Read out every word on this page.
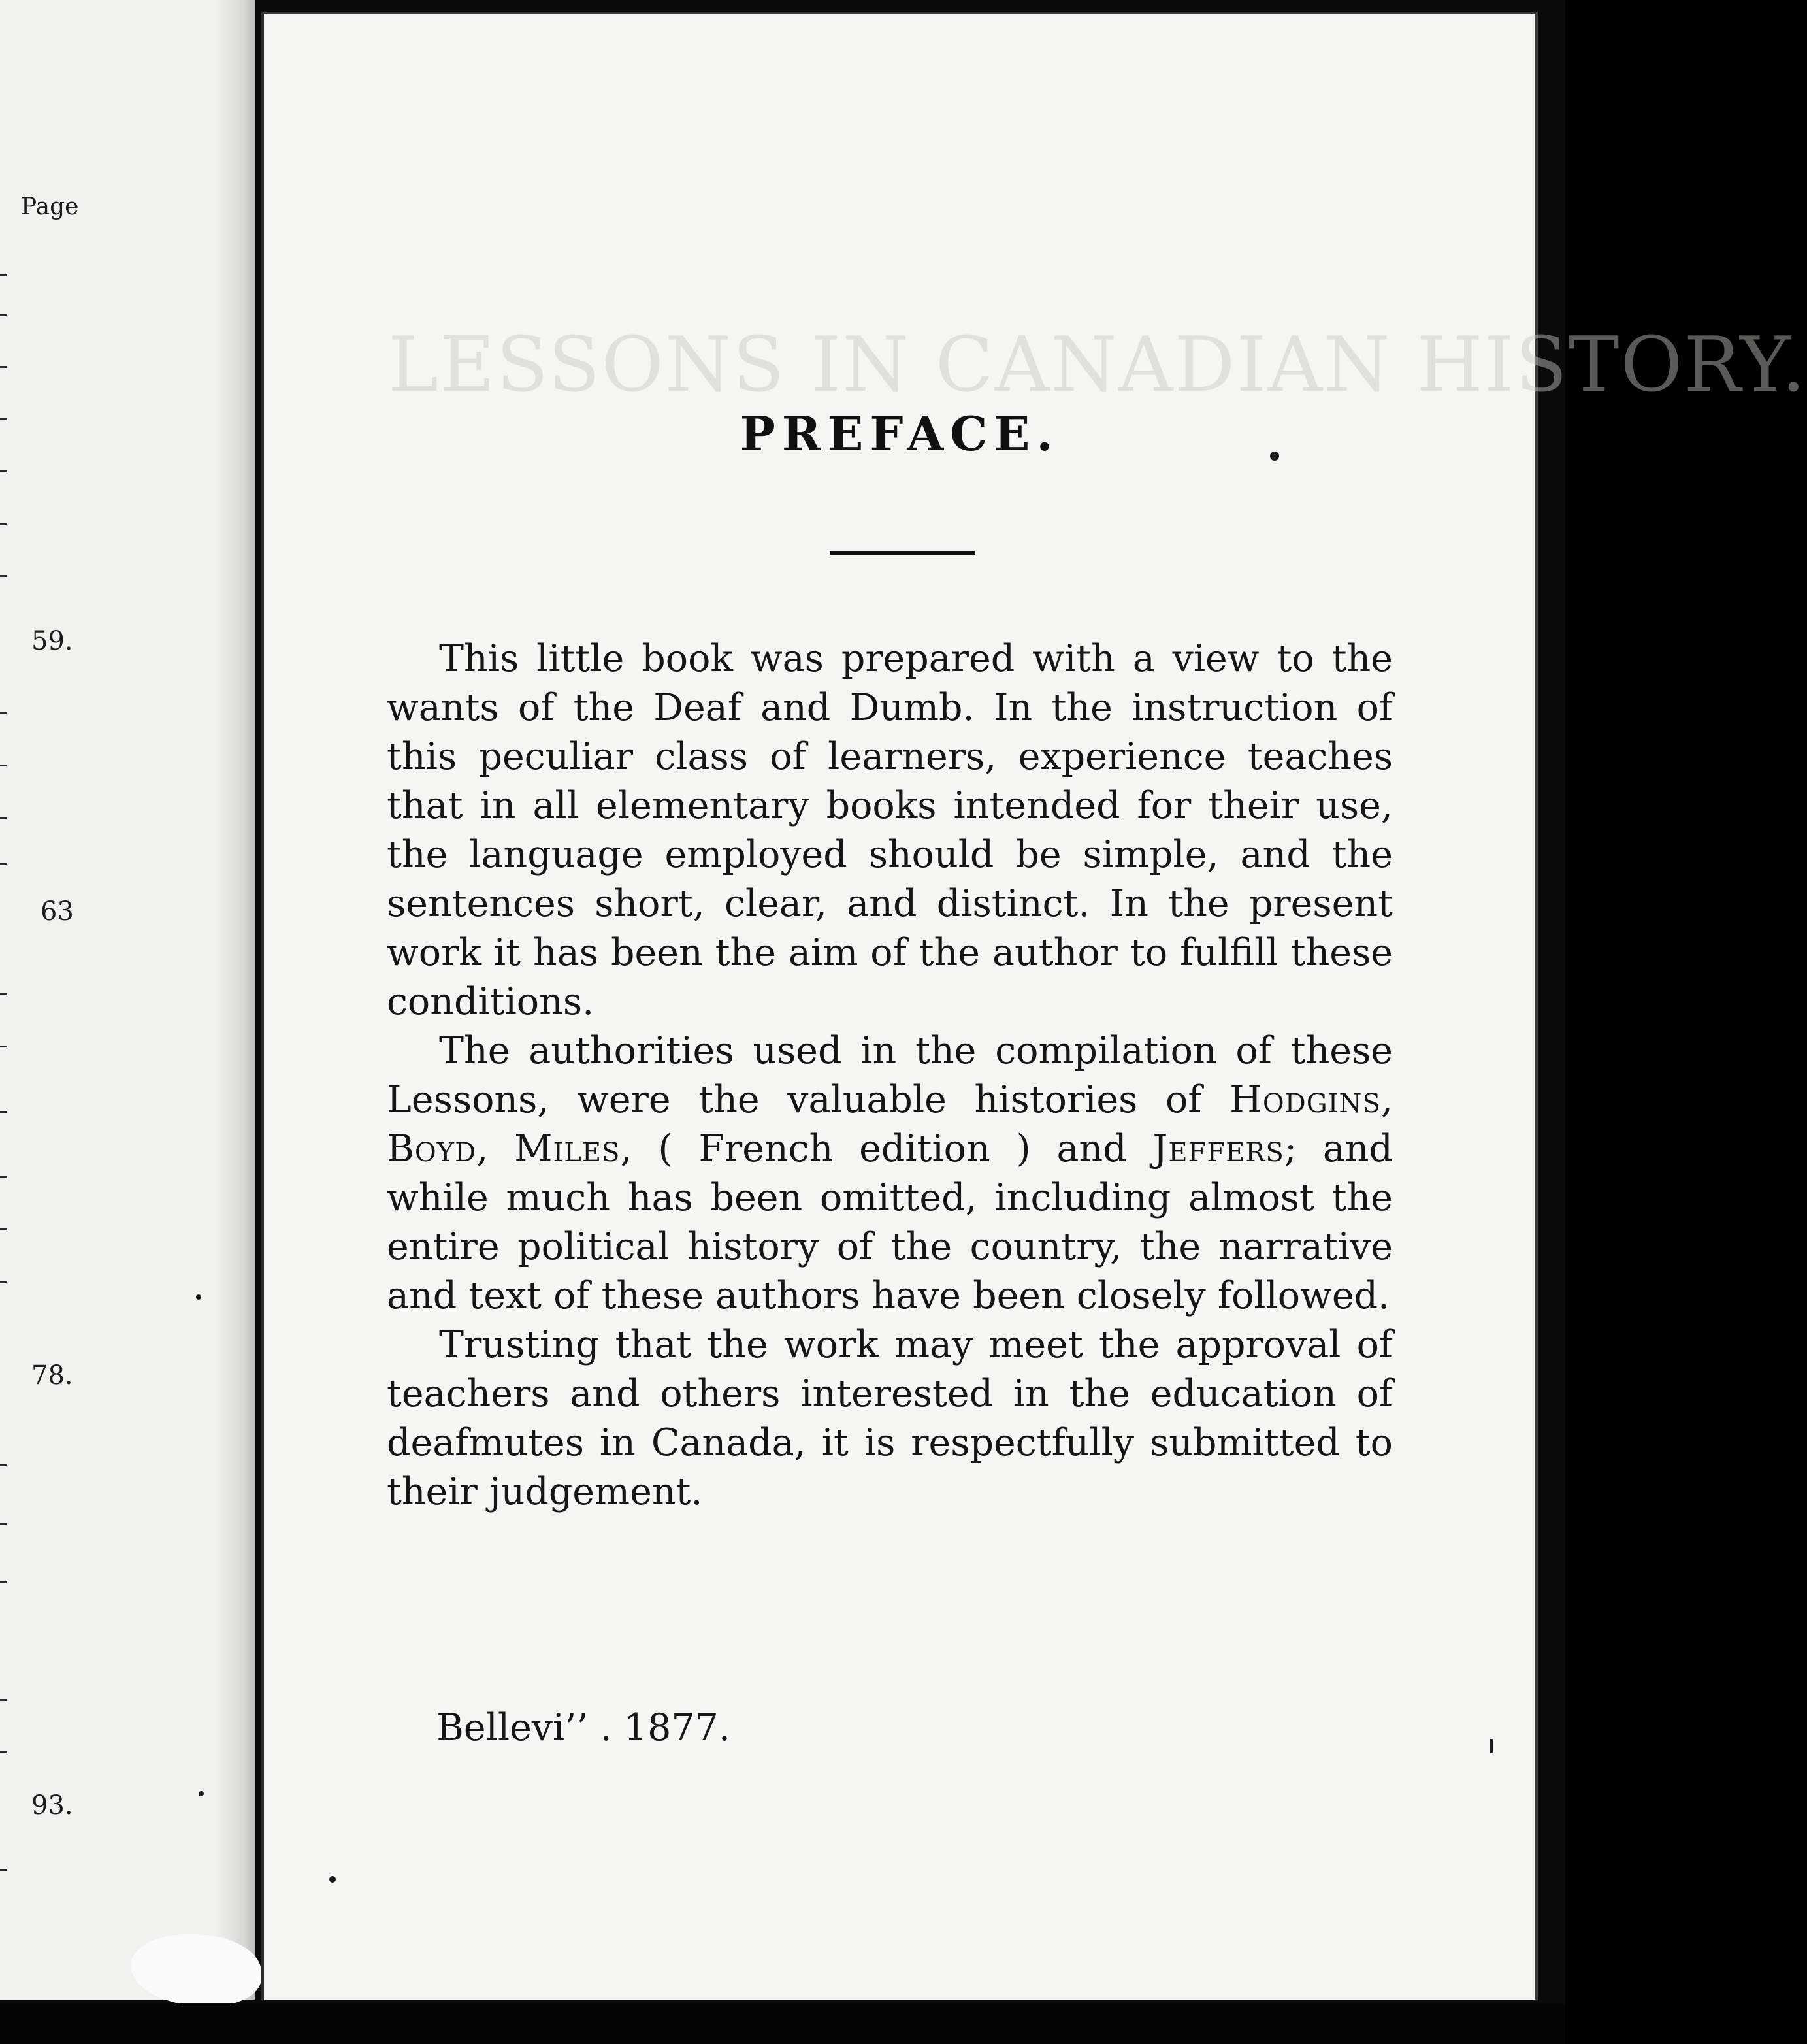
Page
59.
63
78.
93.
LESSONS IN CANADIAN HISTORY.
PREFACE.

This little book was prepared with a view to the wants of the Deaf and Dumb. In the instruction of this peculiar class of learners, experience teaches that in all elementary books intended for their use, the language employed should be simple, and the sentences short, clear, and distinct. In the present work it has been the aim of the author to fulfill these conditions.

The authorities used in the compilation of these Lessons, were the valuable histories of Hodgins, Boyd, Miles, ( French edition ) and Jeffers; and while much has been omitted, including almost the entire political history of the country, the narrative and text of these authors have been closely followed.

Trusting that the work may meet the approval of teachers and others interested in the education of deafmutes in Canada, it is respectfully submitted to their judgement.

Bellevi’’ . 1877.
